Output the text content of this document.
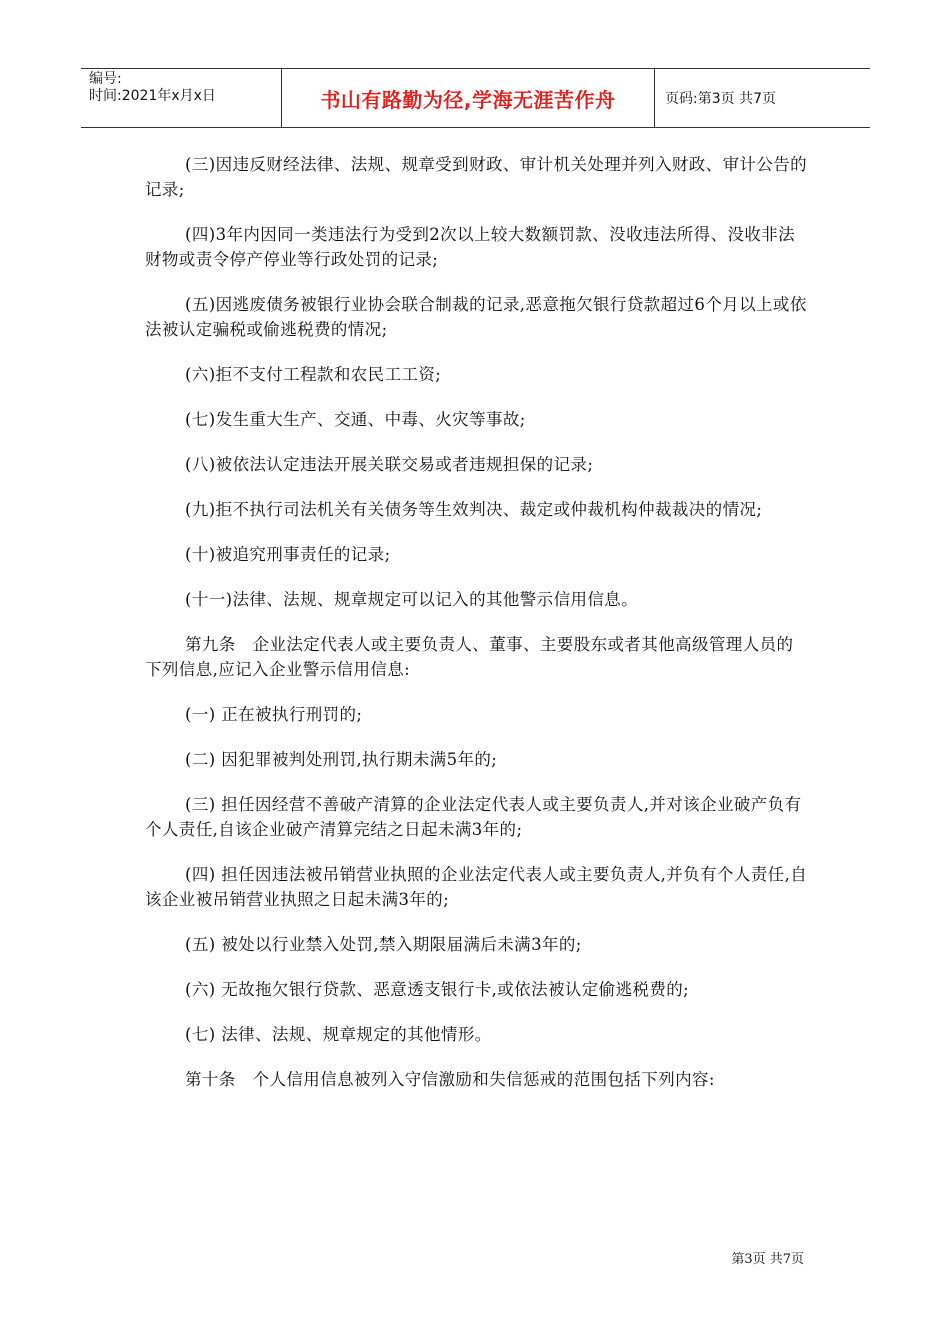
编号:
时间:2021年x月x日	书山有路勤为径,学海无涯苦作舟	页码:第3页 共7页

(三)因违反财经法律、法规、规章受到财政、审计机关处理并列入财政、审计公告的记录;

(四)3年内因同一类违法行为受到2次以上较大数额罚款、没收违法所得、没收非法财物或责令停产停业等行政处罚的记录;

(五)因逃废债务被银行业协会联合制裁的记录,恶意拖欠银行贷款超过6个月以上或依法被认定骗税或偷逃税费的情况;

(六)拒不支付工程款和农民工工资;

(七)发生重大生产、交通、中毒、火灾等事故;

(八)被依法认定违法开展关联交易或者违规担保的记录;

(九)拒不执行司法机关有关债务等生效判决、裁定或仲裁机构仲裁裁决的情况;

(十)被追究刑事责任的记录;

(十一)法律、法规、规章规定可以记入的其他警示信用信息。

第九条　企业法定代表人或主要负责人、董事、主要股东或者其他高级管理人员的下列信息,应记入企业警示信用信息:

(一) 正在被执行刑罚的;

(二) 因犯罪被判处刑罚,执行期未满5年的;

(三) 担任因经营不善破产清算的企业法定代表人或主要负责人,并对该企业破产负有个人责任,自该企业破产清算完结之日起未满3年的;

(四) 担任因违法被吊销营业执照的企业法定代表人或主要负责人,并负有个人责任,自该企业被吊销营业执照之日起未满3年的;

(五) 被处以行业禁入处罚,禁入期限届满后未满3年的;

(六) 无故拖欠银行贷款、恶意透支银行卡,或依法被认定偷逃税费的;

(七) 法律、法规、规章规定的其他情形。

第十条　个人信用信息被列入守信激励和失信惩戒的范围包括下列内容:

第3页 共7页
